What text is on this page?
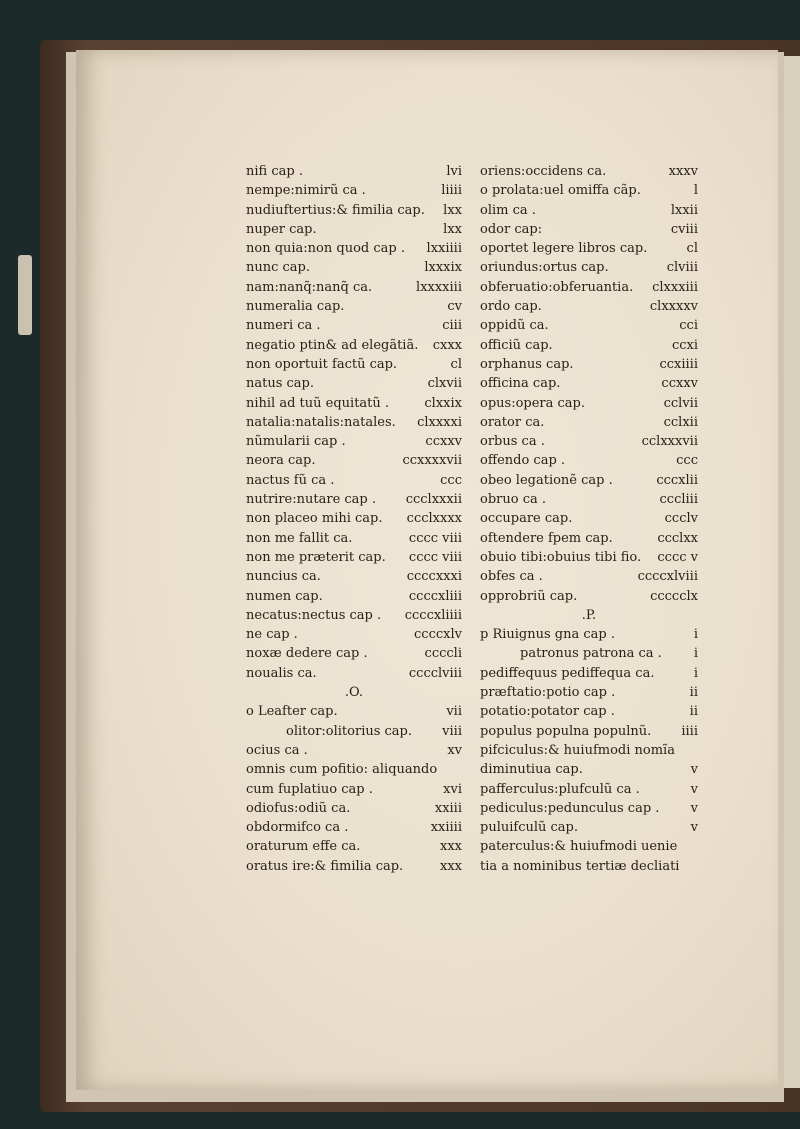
nifi cap .	lvi
nempe:nimirũ ca .	liiii
nudiuftertius:& fimilia cap.	lxx
nuper cap.	lxx
non quia:non quod cap .	lxxiiii
nunc cap.	lxxxix
nam:nanq̃:nanq̃ ca.	lxxxxiii
numeralia cap.	cv
numeri ca .	ciii
negatio ptin& ad elegãtiã.	cxxx
non oportuit factũ cap.	cl
natus cap.	clxvii
nihil ad tuũ equitatũ .	clxxix
natalia:natalis:natales.	clxxxxi
nũmularii cap .	ccxxv
neora cap.	ccxxxxvii
nactus fũ ca .	ccc
nutrire:nutare cap .	ccclxxxii
non placeo mihi cap.	ccclxxxx
non me fallit ca.	cccc viii
non me præterit cap.	cccc viii
nuncius ca.	ccccxxxi
numen cap.	ccccxliii
necatus:nectus cap .	ccccxliiii
ne cap .	ccccxlv
noxæ dedere cap .	ccccli
noualis ca.	cccclviii
.O.
o Leafter cap.	vii
olitor:olitorius cap.	viii
ocius ca .	xv
omnis cum pofitio: aliquando
cum fuplatiuo cap .	xvi
odiofus:odiũ ca.	xxiii
obdormifco ca .	xxiiii
oraturum effe ca.	xxx
oratus ire:& fimilia cap.	xxx
oriens:occidens ca.	xxxv
o prolata:uel omiffa cãp.	l
olim ca .	lxxii
odor cap:	cviii
oportet legere libros cap.	cl
oriundus:ortus cap.	clviii
obferuatio:obferuantia.	clxxxiii
ordo cap.	clxxxxv
oppidũ ca.	cci
officiũ cap.	ccxi
orphanus cap.	ccxiiii
officina cap.	ccxxv
opus:opera cap.	cclvii
orator ca.	cclxii
orbus ca .	cclxxxvii
offendo cap .	ccc
obeo legationẽ cap .	cccxlii
obruo ca .	cccliii
occupare cap.	ccclv
oftendere fpem cap.	ccclxx
obuio tibi:obuius tibi fio.	cccc v
obfes ca .	ccccxlviii
opprobriũ cap.	ccccclx
.P.
p Riuignus gna cap .	i
patronus patrona ca .	i
pediffequus pediffequa ca.	i
præftatio:potio cap .	ii
potatio:potator cap .	ii
populus populna populnũ.	iiii
pifciculus:& huiufmodi nomĩa
diminutiua cap.	v
pafferculus:plufculũ ca .	v
pediculus:pedunculus cap .	v
puluifculũ cap.	v
paterculus:& huiufmodi uenie
tia a nominibus tertiæ decliati
